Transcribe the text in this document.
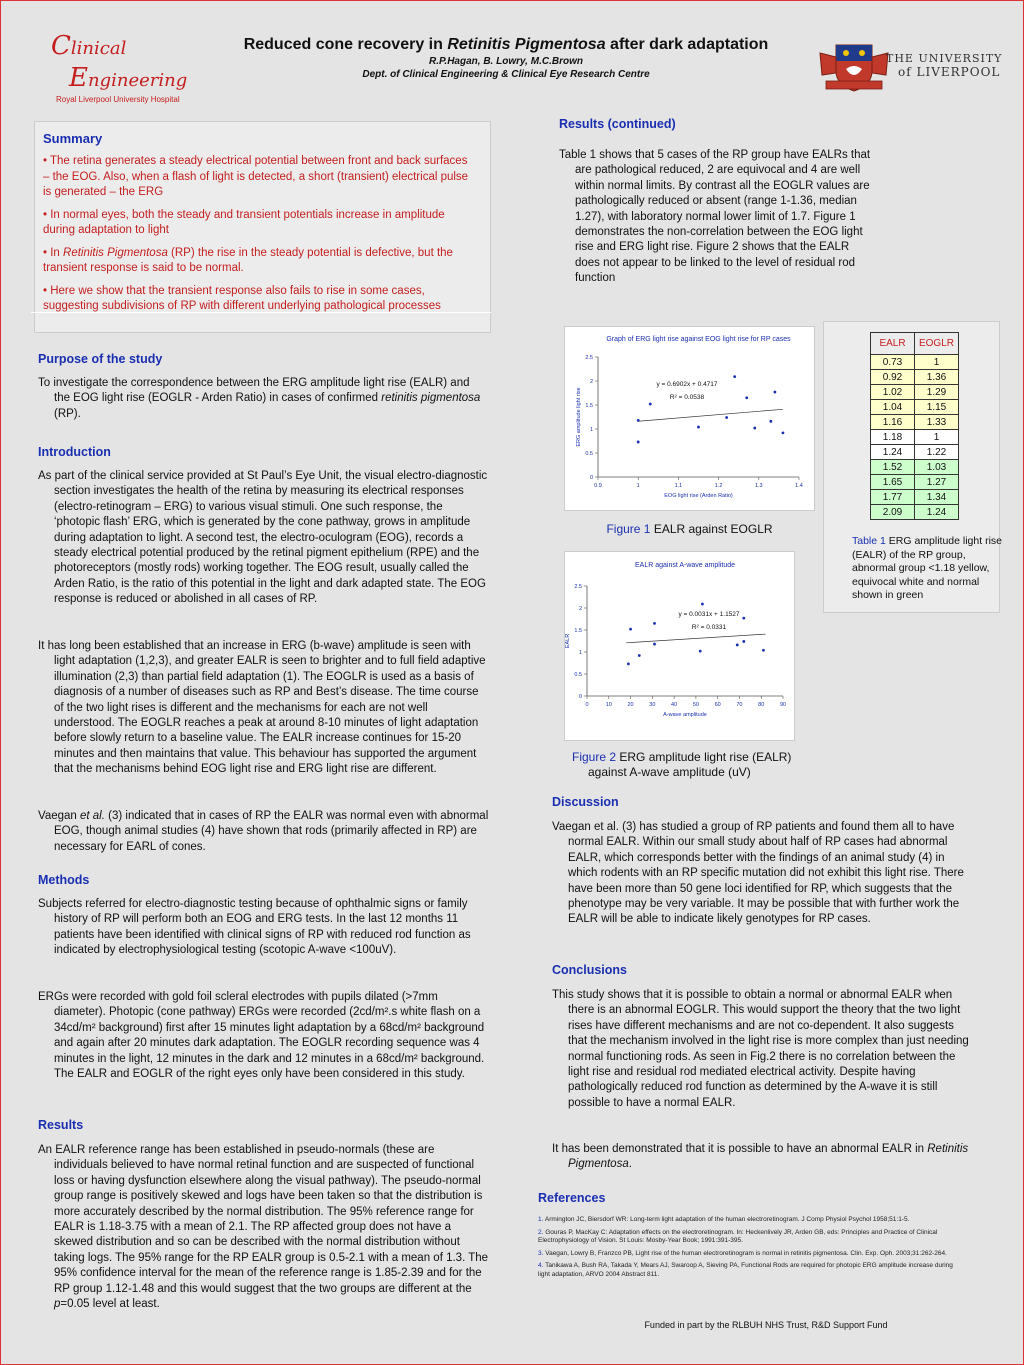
Clinical
Engineering
Royal Liverpool University Hospital
Reduced cone recovery in Retinitis Pigmentosa after dark adaptation
R.P.Hagan, B. Lowry, M.C.Brown
Dept. of Clinical Engineering & Clinical Eye Research Centre
THE UNIVERSITY
of LIVERPOOL
Summary

• The retina generates a steady electrical potential between front and back surfaces – the EOG. Also, when a flash of light is detected, a short (transient) electrical pulse is generated – the ERG

• In normal eyes, both the steady and transient potentials increase in amplitude during adaptation to light

• In Retinitis Pigmentosa (RP) the rise in the steady potential is defective, but the transient response is said to be normal.

• Here we show that the transient response also fails to rise in some cases, suggesting subdivisions of RP with different underlying pathological processes

Purpose of the study
To investigate the correspondence between the ERG amplitude light rise (EALR) and the EOG light rise (EOGLR - Arden Ratio) in cases of confirmed retinitis pigmentosa (RP).
Introduction
As part of the clinical service provided at St Paul’s Eye Unit, the visual electro-diagnostic section investigates the health of the retina by measuring its electrical responses (electro-retinogram – ERG) to various visual stimuli. One such response, the ‘photopic flash’ ERG, which is generated by the cone pathway, grows in amplitude during adaptation to light. A second test, the electro-oculogram (EOG), records a steady electrical potential produced by the retinal pigment epithelium (RPE) and the photoreceptors (mostly rods) working together. The EOG result, usually called the Arden Ratio, is the ratio of this potential in the light and dark adapted state. The EOG response is reduced or abolished in all cases of RP.
It has long been established that an increase in ERG (b-wave) amplitude is seen with light adaptation (1,2,3), and greater EALR is seen to brighter and to full field adaptive illumination (2,3) than partial field adaptation (1). The EOGLR is used as a basis of diagnosis of a number of diseases such as RP and Best’s disease. The time course of the two light rises is different and the mechanisms for each are not well understood. The EOGLR reaches a peak at around 8-10 minutes of light adaptation before slowly return to a baseline value. The EALR increase continues for 15-20 minutes and then maintains that value. This behaviour has supported the argument that the mechanisms behind EOG light rise and ERG light rise are different.
Vaegan et al. (3) indicated that in cases of RP the EALR was normal even with abnormal EOG, though animal studies (4) have shown that rods (primarily affected in RP) are necessary for EARL of cones.
Methods
Subjects referred for electro-diagnostic testing because of ophthalmic signs or family history of RP will perform both an EOG and ERG tests. In the last 12 months 11 patients have been identified with clinical signs of RP with reduced rod function as indicated by electrophysiological testing (scotopic A-wave <100uV).
ERGs were recorded with gold foil scleral electrodes with pupils dilated (>7mm diameter). Photopic (cone pathway) ERGs were recorded (2cd/m².s white flash on a 34cd/m² background) first after 15 minutes light adaptation by a 68cd/m² background and again after 20 minutes dark adaptation. The EOGLR recording sequence was 4 minutes in the light, 12 minutes in the dark and 12 minutes in a 68cd/m² background. The EALR and EOGLR of the right eyes only have been considered in this study.
Results
An EALR reference range has been established in pseudo-normals (these are individuals believed to have normal retinal function and are suspected of functional loss or having dysfunction elsewhere along the visual pathway). The pseudo-normal group range is positively skewed and logs have been taken so that the distribution is more accurately described by the normal distribution. The 95% reference range for EALR is 1.18-3.75 with a mean of 2.1. The RP affected group does not have a skewed distribution and so can be described with the normal distribution without taking logs. The 95% range for the RP EALR group is 0.5-2.1 with a mean of 1.3. The 95% confidence interval for the mean of the reference range is 1.85-2.39 and for the RP group 1.12-1.48 and this would suggest that the two groups are different at the p=0.05 level at least.
Results (continued)
Table 1 shows that 5 cases of the RP group have EALRs that are pathological reduced, 2 are equivocal and 4 are well within normal limits. By contrast all the EOGLR values are pathologically reduced or absent (range 1-1.36, median 1.27), with laboratory normal lower limit of 1.7. Figure 1 demonstrates the non-correlation between the EOG light rise and ERG light rise. Figure 2 shows that the EALR does not appear to be linked to the level of residual rod function
Graph of ERG light rise against EOG light rise for RP cases
0
0.5
1
1.5
2
2.5
0.9	1	1.1	1.2	1.3	1.4
EOG light rise (Arden Ratio)
ERG amplitude light rise
y = 0.6902x + 0.4717
R² = 0.0538
Figure 1 EALR against EOGLR
EALR against A-wave amplitude
0
0.5
1
1.5
2
2.5
0	10	20	30	40	50	60	70	80	90
A-wave amplitude
EALR
y = 0.0031x + 1.1527
R² = 0.0331
Figure 2 ERG amplitude light rise (EALR) against A-wave amplitude (uV)
EALR	EOGLR
0.73	1
0.92	1.36
1.02	1.29
1.04	1.15
1.16	1.33
1.18	1
1.24	1.22
1.52	1.03
1.65	1.27
1.77	1.34
2.09	1.24
Table 1 ERG amplitude light rise (EALR) of the RP group, abnormal group <1.18 yellow, equivocal white and normal shown in green
Discussion
Vaegan et al. (3) has studied a group of RP patients and found them all to have normal EALR. Within our small study about half of RP cases had abnormal EALR, which corresponds better with the findings of an animal study (4) in which rodents with an RP specific mutation did not exhibit this light rise. There have been more than 50 gene loci identified for RP, which suggests that the phenotype may be very variable. It may be possible that with further work the EALR will be able to indicate likely genotypes for RP cases.
Conclusions
This study shows that it is possible to obtain a normal or abnormal EALR when there is an abnormal EOGLR. This would support the theory that the two light rises have different mechanisms and are not co-dependent. It also suggests that the mechanism involved in the light rise is more complex than just needing normal functioning rods. As seen in Fig.2 there is no correlation between the light rise and residual rod mediated electrical activity. Despite having pathologically reduced rod function as determined by the A-wave it is still possible to have a normal EALR.
It has been demonstrated that it is possible to have an abnormal EALR in Retinitis Pigmentosa.
References

1. Armington JC, Biersdorf WR: Long-term light adaptation of the human electroretinogram. J Comp Physiol Psychol 1958;51:1-5.

2. Gouras P, MacKay C: Adaptation effects on the electroretinogram. In: Heckenlively JR, Arden GB, eds: Principles and Practice of Clinical Electrophysiology of Vision. St Louis: Mosby-Year Book; 1991:391-395.

3. Vaegan, Lowry B, Franzco PB, Light rise of the human electroretinogram is normal in retinitis pigmentosa. Clin. Exp. Oph. 2003;31:262-264.

4. Tanikawa A, Bush RA, Takada Y, Mears AJ, Swaroop A, Sieving PA, Functional Rods are required for photopic ERG amplitude increase during light adaptation, ARVO 2004 Abstract 811.

Funded in part by the RLBUH NHS Trust, R&D Support Fund
